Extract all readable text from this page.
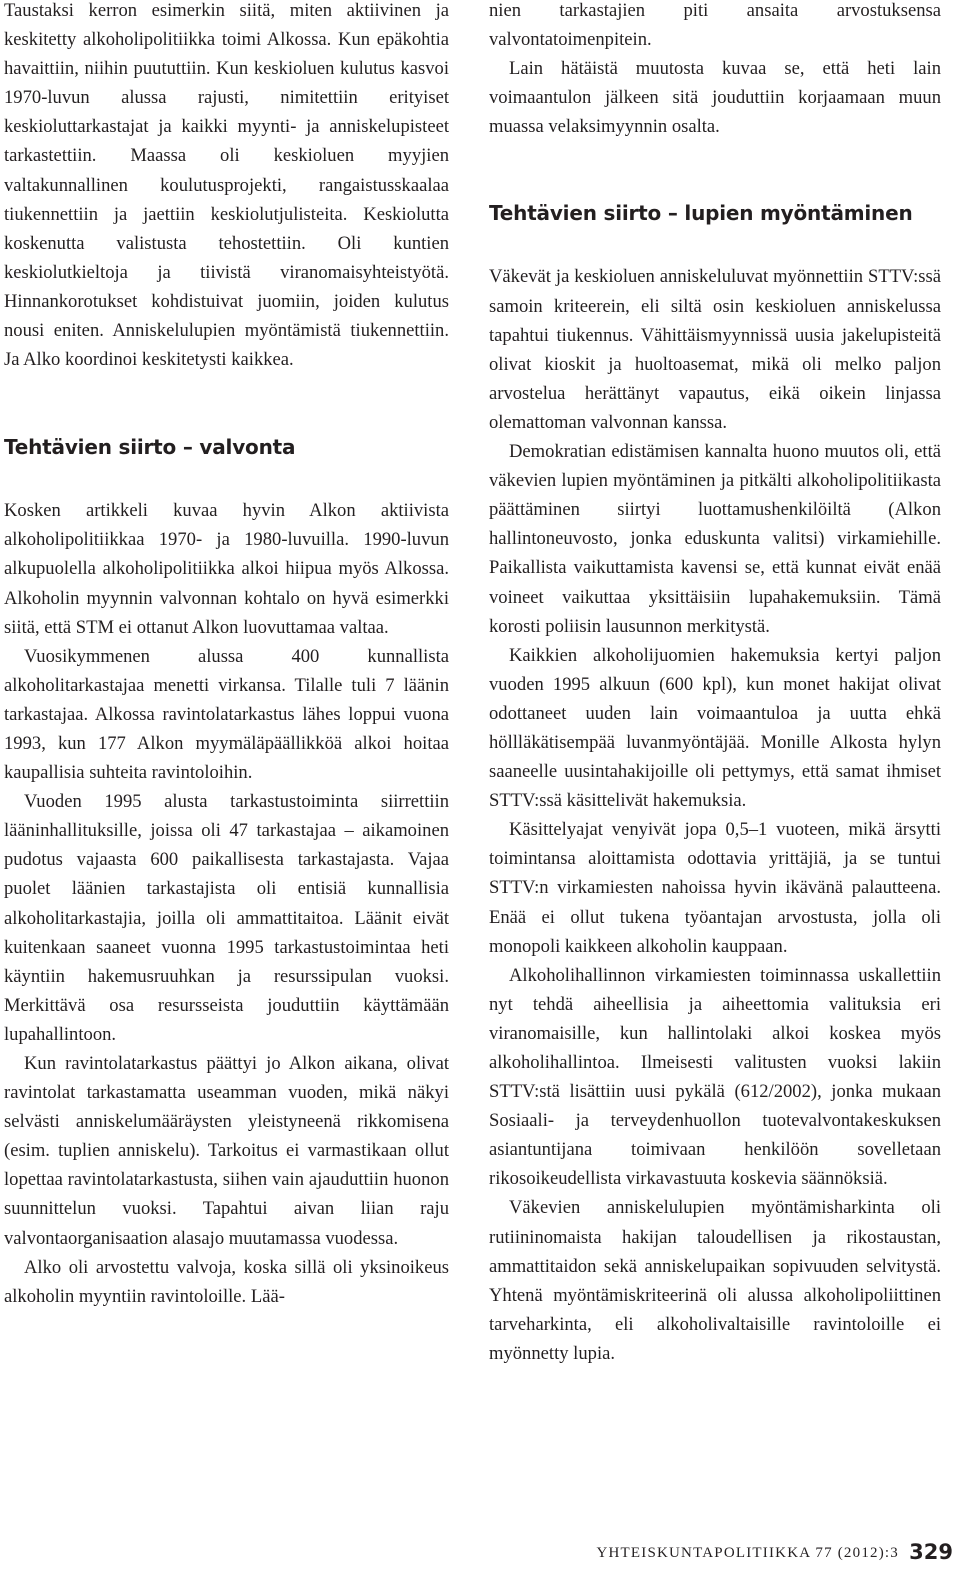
Taustaksi kerron esimerkin siitä, miten aktiivinen ja keskitetty alkoholipolitiikka toimi Alkossa. Kun epäkohtia havaittiin, niihin puututtiin. Kun keskioluen kulutus kasvoi 1970-luvun alussa rajusti, nimitettiin erityiset keskioluttarkastajat ja kaikki myynti- ja anniskelupisteet tarkastettiin. Maassa oli keskioluen myyjien valtakunnallinen koulutusprojekti, rangaistusskaalaa tiukennettiin ja jaettiin keskiolutjulisteita. Keskiolutta koskenutta valistusta tehostettiin. Oli kuntien keskiolutkieltoja ja tiivistä viranomaisyhteistyötä. Hinnankorotukset kohdistuivat juomiin, joiden kulutus nousi eniten. Anniskelulupien myöntämistä tiukennettiin. Ja Alko koordinoi keskitetysti kaikkea.

Tehtävien siirto – valvonta

Kosken artikkeli kuvaa hyvin Alkon aktiivista alkoholipolitiikkaa 1970- ja 1980-luvuilla. 1990-luvun alkupuolella alkoholipolitiikka alkoi hiipua myös Alkossa. Alkoholin myynnin valvonnan kohtalo on hyvä esimerkki siitä, että STM ei ottanut Alkon luovuttamaa valtaa.

Vuosikymmenen alussa 400 kunnallista alkoholitarkastajaa menetti virkansa. Tilalle tuli 7 läänin tarkastajaa. Alkossa ravintolatarkastus lähes loppui vuona 1993, kun 177 Alkon myymäläpäällikköä alkoi hoitaa kaupallisia suhteita ravintoloihin.

Vuoden 1995 alusta tarkastustoiminta siirrettiin lääninhallituksille, joissa oli 47 tarkastajaa – aikamoinen pudotus vajaasta 600 paikallisesta tarkastajasta. Vajaa puolet läänien tarkastajista oli entisiä kunnallisia alkoholitarkastajia, joilla oli ammattitaitoa. Läänit eivät kuitenkaan saaneet vuonna 1995 tarkastustoimintaa heti käyntiin hakemusruuhkan ja resurssipulan vuoksi. Merkittävä osa resursseista jouduttiin käyttämään lupahallintoon.

Kun ravintolatarkastus päättyi jo Alkon aikana, olivat ravintolat tarkastamatta useamman vuoden, mikä näkyi selvästi anniskelumääräysten yleistyneenä rikkomisena (esim. tuplien anniskelu). Tarkoitus ei varmastikaan ollut lopettaa ravintolatarkastusta, siihen vain ajauduttiin huonon suunnittelun vuoksi. Tapahtui aivan liian raju valvontaorganisaation alasajo muutamassa vuodessa.

Alko oli arvostettu valvoja, koska sillä oli yksinoikeus alkoholin myyntiin ravintoloille. Lää-

nien tarkastajien piti ansaita arvostuksensa valvontatoimenpitein.

Lain hätäistä muutosta kuvaa se, että heti lain voimaantulon jälkeen sitä jouduttiin korjaamaan muun muassa velaksimyynnin osalta.

Tehtävien siirto – lupien myöntäminen

Väkevät ja keskioluen anniskeluluvat myönnettiin STTV:ssä samoin kriteerein, eli siltä osin keskioluen anniskelussa tapahtui tiukennus. Vähittäismyynnissä uusia jakelupisteitä olivat kioskit ja huoltoasemat, mikä oli melko paljon arvostelua herättänyt vapautus, eikä oikein linjassa olemattoman valvonnan kanssa.

Demokratian edistämisen kannalta huono muutos oli, että väkevien lupien myöntäminen ja pitkälti alkoholipolitiikasta päättäminen siirtyi luottamushenkilöiltä (Alkon hallintoneuvosto, jonka eduskunta valitsi) virkamiehille. Paikallista vaikuttamista kavensi se, että kunnat eivät enää voineet vaikuttaa yksittäisiin lupahakemuksiin. Tämä korosti poliisin lausunnon merkitystä.

Kaikkien alkoholijuomien hakemuksia kertyi paljon vuoden 1995 alkuun (600 kpl), kun monet hakijat olivat odottaneet uuden lain voimaantuloa ja uutta ehkä höllläkätisempää luvanmyöntäjää. Monille Alkosta hylyn saaneelle uusintahakijoille oli pettymys, että samat ihmiset STTV:ssä käsittelivät hakemuksia.

Käsittelyajat venyivät jopa 0,5–1 vuoteen, mikä ärsytti toimintansa aloittamista odottavia yrittäjiä, ja se tuntui STTV:n virkamiesten nahoissa hyvin ikävänä palautteena. Enää ei ollut tukena työantajan arvostusta, jolla oli monopoli kaikkeen alkoholin kauppaan.

Alkoholihallinnon virkamiesten toiminnassa uskallettiin nyt tehdä aiheellisia ja aiheettomia valituksia eri viranomaisille, kun hallintolaki alkoi koskea myös alkoholihallintoa. Ilmeisesti valitusten vuoksi lakiin STTV:stä lisättiin uusi pykälä (612/2002), jonka mukaan Sosiaali- ja terveydenhuollon tuotevalvontakeskuksen asiantuntijana toimivaan henkilöön sovelletaan rikosoikeudellista virkavastuuta koskevia säännöksiä.

Väkevien anniskelulupien myöntämisharkinta oli rutiininomaista hakijan taloudellisen ja rikostaustan, ammattitaidon sekä anniskelupaikan sopivuuden selvitystä. Yhtenä myöntämiskriteerinä oli alussa alkoholipoliittinen tarveharkinta, eli alkoholivaltaisille ravintoloille ei myönnetty lupia.

YHTEISKUNTAPOLITIIKKA 77 (2012):3 329
